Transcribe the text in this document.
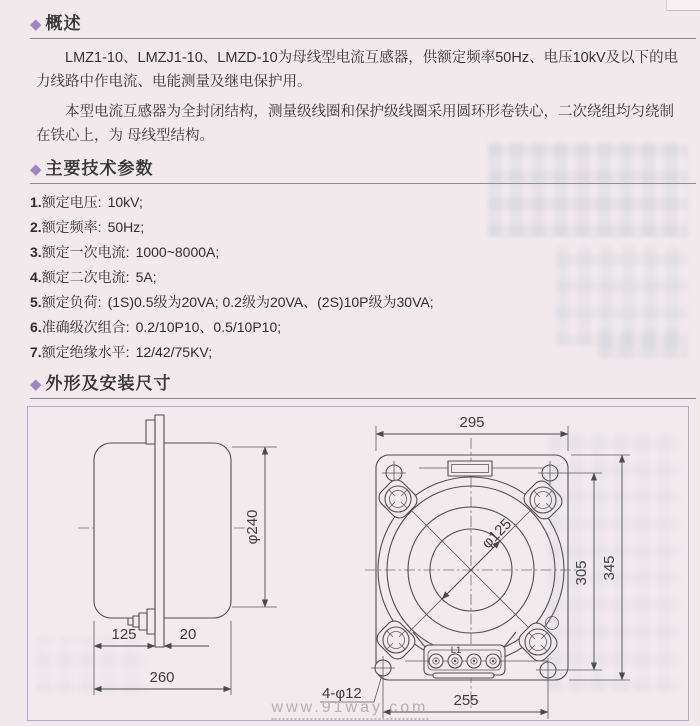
◆ 概述
LMZ1-10、LMZJ1-10、LMZD-10为母线型电流互感器，供额定频率50Hz、电压10kV及以下的电力线路中作电流、电能测量及继电保护用。
本型电流互感器为全封闭结构，测量级线圈和保护级线圈采用圆环形卷铁心，二次绕组均匀绕制在铁心上，为 母线型结构。
◆ 主要技术参数
1.额定电压: 10kV;
2.额定频率: 50Hz;
3.额定一次电流: 1000~8000A;
4.额定二次电流: 5A;
5.额定负荷: (1S)0.5级为20VA; 0.2级为20VA、(2S)10P级为30VA;
6.准确级次组合: 0.2/10P10、0.5/10P10;
7.额定绝缘水平: 12/42/75KV;
◆ 外形及安装尺寸
φ240
125	20
260
φ125
L1
295
255
4-φ12
305 345
www.91way.com
